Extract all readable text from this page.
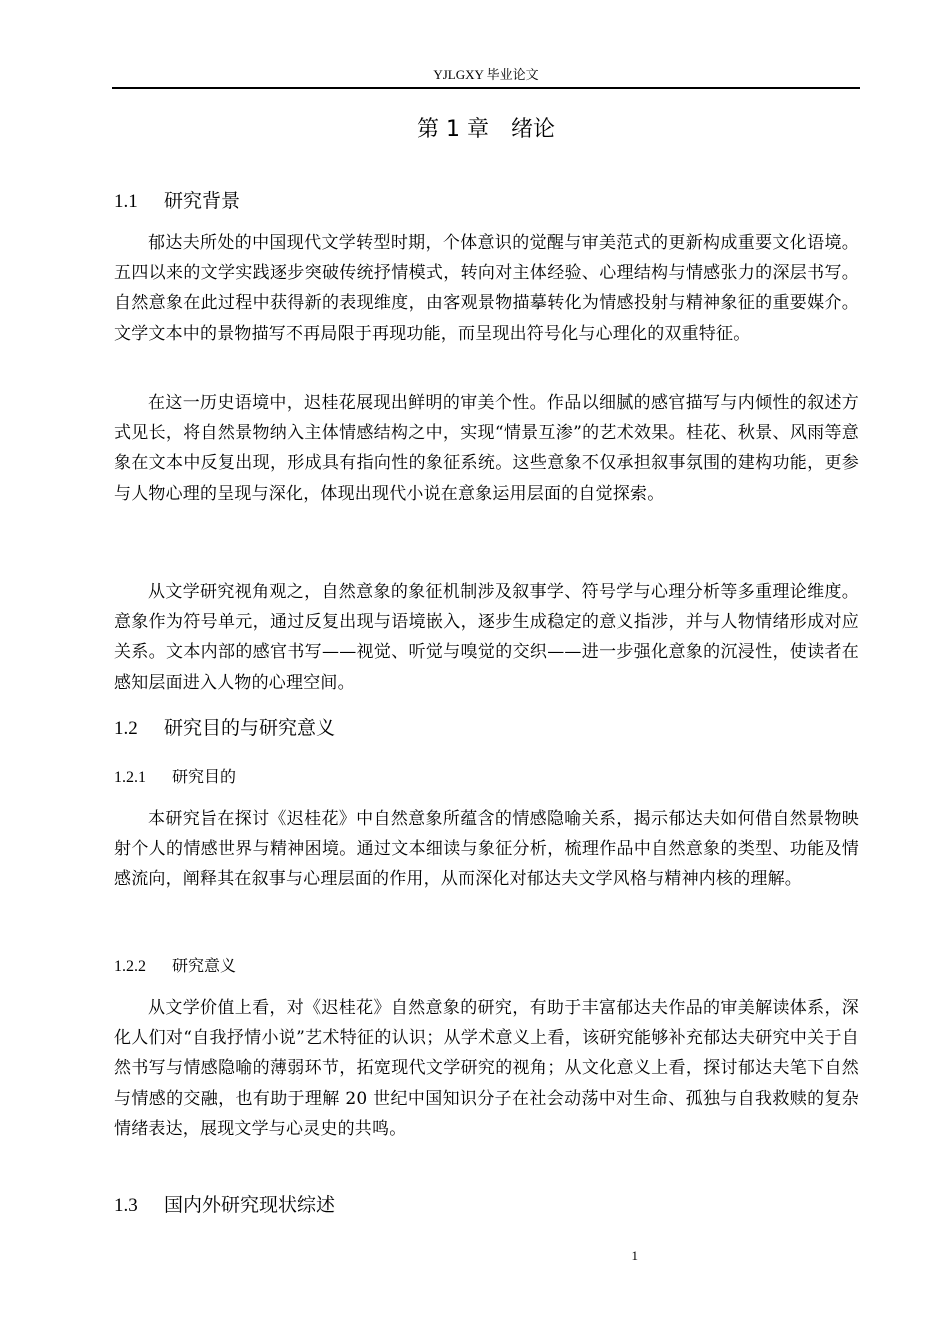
YJLGXY 毕业论文
第 1 章 绪论
1.1 研究背景

郁达夫所处的中国现代文学转型时期，个体意识的觉醒与审美范式的更新构成重要文化语境。五四以来的文学实践逐步突破传统抒情模式，转向对主体经验、心理结构与情感张力的深层书写。自然意象在此过程中获得新的表现维度，由客观景物描摹转化为情感投射与精神象征的重要媒介。文学文本中的景物描写不再局限于再现功能，而呈现出符号化与心理化的双重特征。

在这一历史语境中，迟桂花展现出鲜明的审美个性。作品以细腻的感官描写与内倾性的叙述方式见长，将自然景物纳入主体情感结构之中，实现“情景互渗”的艺术效果。桂花、秋景、风雨等意象在文本中反复出现，形成具有指向性的象征系统。这些意象不仅承担叙事氛围的建构功能，更参与人物心理的呈现与深化，体现出现代小说在意象运用层面的自觉探索。

从文学研究视角观之，自然意象的象征机制涉及叙事学、符号学与心理分析等多重理论维度。意象作为符号单元，通过反复出现与语境嵌入，逐步生成稳定的意义指涉，并与人物情绪形成对应关系。文本内部的感官书写——视觉、听觉与嗅觉的交织——进一步强化意象的沉浸性，使读者在感知层面进入人物的心理空间。

1.2 研究目的与研究意义
1.2.1 研究目的

本研究旨在探讨《迟桂花》中自然意象所蕴含的情感隐喻关系，揭示郁达夫如何借自然景物映射个人的情感世界与精神困境。通过文本细读与象征分析，梳理作品中自然意象的类型、功能及情感流向，阐释其在叙事与心理层面的作用，从而深化对郁达夫文学风格与精神内核的理解。

1.2.2 研究意义

从文学价值上看，对《迟桂花》自然意象的研究，有助于丰富郁达夫作品的审美解读体系，深化人们对“自我抒情小说”艺术特征的认识；从学术意义上看，该研究能够补充郁达夫研究中关于自然书写与情感隐喻的薄弱环节，拓宽现代文学研究的视角；从文化意义上看，探讨郁达夫笔下自然与情感的交融，也有助于理解 20 世纪中国知识分子在社会动荡中对生命、孤独与自我救赎的复杂情绪表达，展现文学与心灵史的共鸣。

1.3 国内外研究现状综述
1
